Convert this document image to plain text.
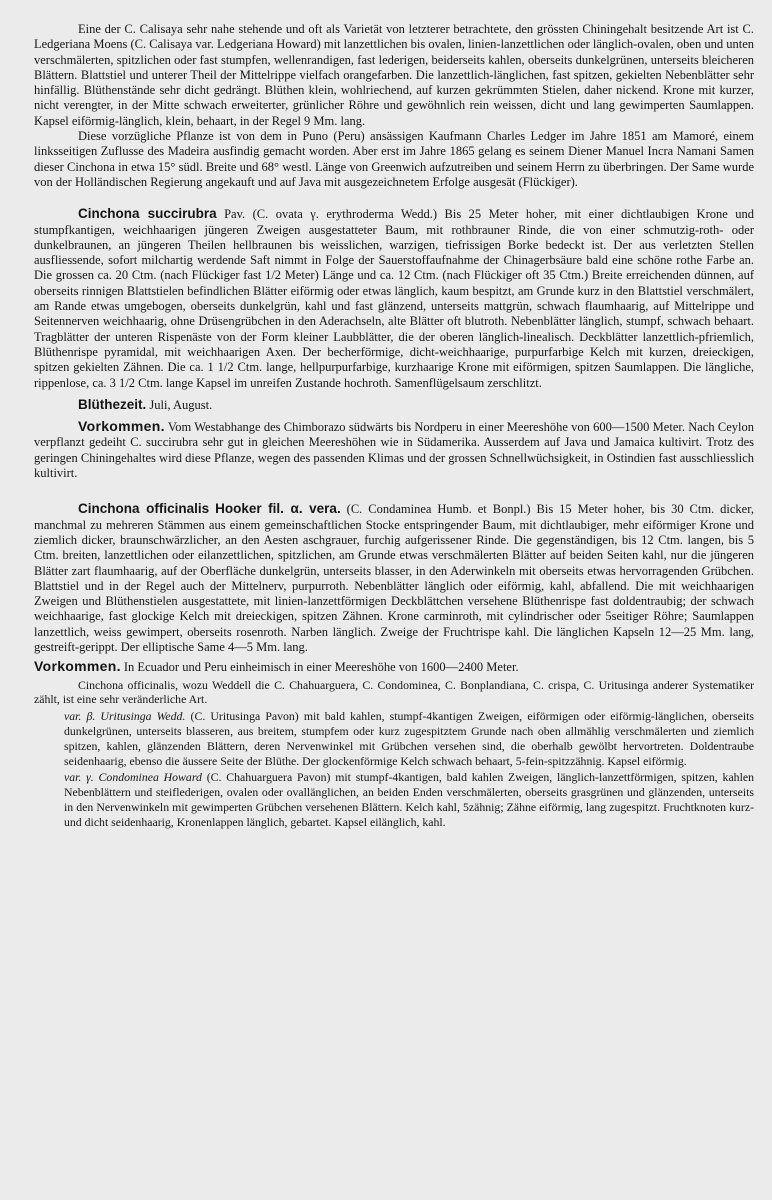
Eine der C. Calisaya sehr nahe stehende und oft als Varietät von letzterer betrachtete, den grössten Chiningehalt besitzende Art ist C. Ledgeriana Moens (C. Calisaya var. Ledgeriana Howard) mit lanzettlichen bis ovalen, linien-lanzettlichen oder länglich-ovalen, oben und unten verschmälerten, spitzlichen oder fast stumpfen, wellenrandigen, fast lederigen, beiderseits kahlen, oberseits dunkelgrünen, unterseits bleicheren Blättern. Blattstiel und unterer Theil der Mittelrippe vielfach orangefarben. Die lanzettlich-länglichen, fast spitzen, gekielten Nebenblätter sehr hinfällig. Blüthenstände sehr dicht gedrängt. Blüthen klein, wohlriechend, auf kurzen gekrümmten Stielen, daher nickend. Krone mit kurzer, nicht verengter, in der Mitte schwach erweiterter, grünlicher Röhre und gewöhnlich rein weissen, dicht und lang gewimperten Saumlappen. Kapsel eiförmig-länglich, klein, behaart, in der Regel 9 Mm. lang.

Diese vorzügliche Pflanze ist von dem in Puno (Peru) ansässigen Kaufmann Charles Ledger im Jahre 1851 am Mamoré, einem linksseitigen Zuflusse des Madeira ausfindig gemacht worden. Aber erst im Jahre 1865 gelang es seinem Diener Manuel Incra Namani Samen dieser Cinchona in etwa 15° südl. Breite und 68° westl. Länge von Greenwich aufzutreiben und seinem Herrn zu überbringen. Der Same wurde von der Holländischen Regierung angekauft und auf Java mit ausgezeichnetem Erfolge ausgesät (Flückiger).

Cinchona succirubra Pav. (C. ovata γ. erythroderma Wedd.) Bis 25 Meter hoher, mit einer dichtlaubigen Krone und stumpfkantigen, weichhaarigen jüngeren Zweigen ausgestatteter Baum, mit rothbrauner Rinde, die von einer schmutzig-roth- oder dunkelbraunen, an jüngeren Theilen hellbraunen bis weisslichen, warzigen, tiefrissigen Borke bedeckt ist. Der aus verletzten Stellen ausfliessende, sofort milchartig werdende Saft nimmt in Folge der Sauerstoffaufnahme der Chinagerbsäure bald eine schöne rothe Farbe an. Die grossen ca. 20 Ctm. (nach Flückiger fast 1/2 Meter) Länge und ca. 12 Ctm. (nach Flückiger oft 35 Ctm.) Breite erreichenden dünnen, auf oberseits rinnigen Blattstielen befindlichen Blätter eiförmig oder etwas länglich, kaum bespitzt, am Grunde kurz in den Blattstiel verschmälert, am Rande etwas umgebogen, oberseits dunkelgrün, kahl und fast glänzend, unterseits mattgrün, schwach flaumhaarig, auf Mittelrippe und Seitennerven weichhaarig, ohne Drüsengrübchen in den Aderachseln, alte Blätter oft blutroth. Nebenblätter länglich, stumpf, schwach behaart. Tragblätter der unteren Rispenäste von der Form kleiner Laubblätter, die der oberen länglich-linealisch. Deckblätter lanzettlich-pfriemlich, Blüthenrispe pyramidal, mit weichhaarigen Axen. Der becherförmige, dicht-weichhaarige, purpurfarbige Kelch mit kurzen, dreieckigen, spitzen gekielten Zähnen. Die ca. 1 1/2 Ctm. lange, hellpurpurfarbige, kurzhaarige Krone mit eiförmigen, spitzen Saumlappen. Die längliche, rippenlose, ca. 3 1/2 Ctm. lange Kapsel im unreifen Zustande hochroth. Samenflügelsaum zerschlitzt.

Blüthezeit. Juli, August.

Vorkommen. Vom Westabhange des Chimborazo südwärts bis Nordperu in einer Meereshöhe von 600—1500 Meter. Nach Ceylon verpflanzt gedeiht C. succirubra sehr gut in gleichen Meereshöhen wie in Südamerika. Ausserdem auf Java und Jamaica kultivirt. Trotz des geringen Chiningehaltes wird diese Pflanze, wegen des passenden Klimas und der grossen Schnellwüchsigkeit, in Ostindien fast ausschliesslich kultivirt.

Cinchona officinalis Hooker fil. α. vera. (C. Condaminea Humb. et Bonpl.) Bis 15 Meter hoher, bis 30 Ctm. dicker, manchmal zu mehreren Stämmen aus einem gemeinschaftlichen Stocke entspringender Baum, mit dichtlaubiger, mehr eiförmiger Krone und ziemlich dicker, braunschwärzlicher, an den Aesten aschgrauer, furchig aufgerissener Rinde. Die gegenständigen, bis 12 Ctm. langen, bis 5 Ctm. breiten, lanzettlichen oder eilanzettlichen, spitzlichen, am Grunde etwas verschmälerten Blätter auf beiden Seiten kahl, nur die jüngeren Blätter zart flaumhaarig, auf der Oberfläche dunkelgrün, unterseits blasser, in den Aderwinkeln mit oberseits etwas hervorragenden Grübchen. Blattstiel und in der Regel auch der Mittelnerv, purpurroth. Nebenblätter länglich oder eiförmig, kahl, abfallend. Die mit weichhaarigen Zweigen und Blüthenstielen ausgestattete, mit linien-lanzettförmigen Deckblättchen versehene Blüthenrispe fast doldentraubig; der schwach weichhaarige, fast glockige Kelch mit dreieckigen, spitzen Zähnen. Krone carminroth, mit cylindrischer oder 5seitiger Röhre; Saumlappen lanzettlich, weiss gewimpert, oberseits rosenroth. Narben länglich. Zweige der Fruchtrispe kahl. Die länglichen Kapseln 12—25 Mm. lang, gestreift-gerippt. Der elliptische Same 4—5 Mm. lang.

Vorkommen. In Ecuador und Peru einheimisch in einer Meereshöhe von 1600—2400 Meter.

Cinchona officinalis, wozu Weddell die C. Chahuarguera, C. Condominea, C. Bonplandiana, C. crispa, C. Uritusinga anderer Systematiker zählt, ist eine sehr veränderliche Art.

var. β. Uritusinga Wedd. (C. Uritusinga Pavon) mit bald kahlen, stumpf-4kantigen Zweigen, eiförmigen oder eiförmig-länglichen, oberseits dunkelgrünen, unterseits blasseren, aus breitem, stumpfem oder kurz zugespitztem Grunde nach oben allmählig verschmälerten und ziemlich spitzen, kahlen, glänzenden Blättern, deren Nervenwinkel mit Grübchen versehen sind, die oberhalb gewölbt hervortreten. Doldentraube seidenhaarig, ebenso die äussere Seite der Blüthe. Der glockenförmige Kelch schwach behaart, 5-fein-spitzzähnig. Kapsel eiförmig.

var. γ. Condominea Howard (C. Chahuarguera Pavon) mit stumpf-4kantigen, bald kahlen Zweigen, länglich-lanzettförmigen, spitzen, kahlen Nebenblättern und steiflederigen, ovalen oder ovallänglichen, an beiden Enden verschmälerten, oberseits grasgrünen und glänzenden, unterseits in den Nervenwinkeln mit gewimperten Grübchen versehenen Blättern. Kelch kahl, 5zähnig; Zähne eiförmig, lang zugespitzt. Fruchtknoten kurz- und dicht seidenhaarig, Kronenlappen länglich, gebartet. Kapsel eilänglich, kahl.
